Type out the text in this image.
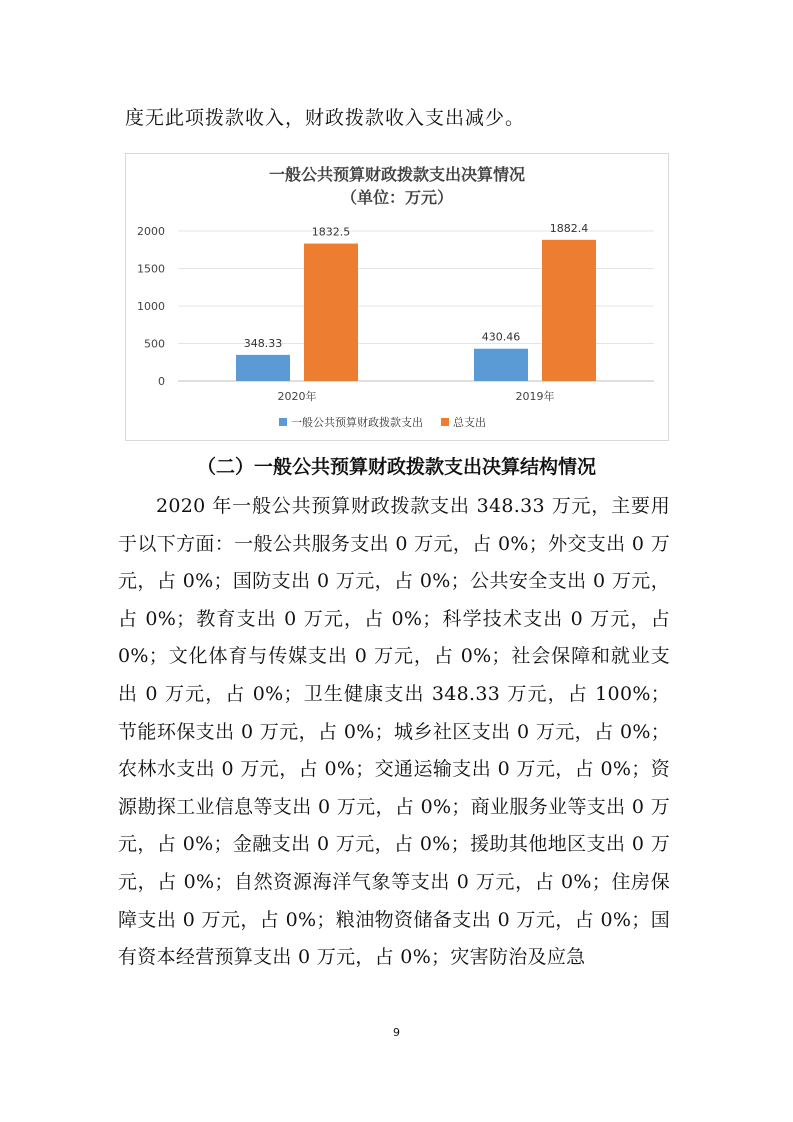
度无此项拨款收入，财政拨款收入支出减少。

一般公共预算财政拨款支出决算情况
（单位：万元）
0
500
1000
1500
2000
348.33
1832.5
2020年
430.46
1882.4
2019年
一般公共预算财政拨款支出	总支出
（二）一般公共预算财政拨款支出决算结构情况

2020 年一般公共预算财政拨款支出 348.33 万元，主要用于以下方面：一般公共服务支出 0 万元，占 0%；外交支出 0 万元，占 0%；国防支出 0 万元，占 0%；公共安全支出 0 万元，占 0%；教育支出 0 万元，占 0%；科学技术支出 0 万元，占 0%；文化体育与传媒支出 0 万元，占 0%；社会保障和就业支出 0 万元，占 0%；卫生健康支出 348.33 万元，占 100%；节能环保支出 0 万元，占 0%；城乡社区支出 0 万元，占 0%；农林水支出 0 万元，占 0%；交通运输支出 0 万元，占 0%；资源勘探工业信息等支出 0 万元，占 0%；商业服务业等支出 0 万元，占 0%；金融支出 0 万元，占 0%；援助其他地区支出 0 万元，占 0%；自然资源海洋气象等支出 0 万元，占 0%；住房保障支出 0 万元，占 0%；粮油物资储备支出 0 万元，占 0%；国有资本经营预算支出 0 万元，占 0%；灾害防治及应急

9
